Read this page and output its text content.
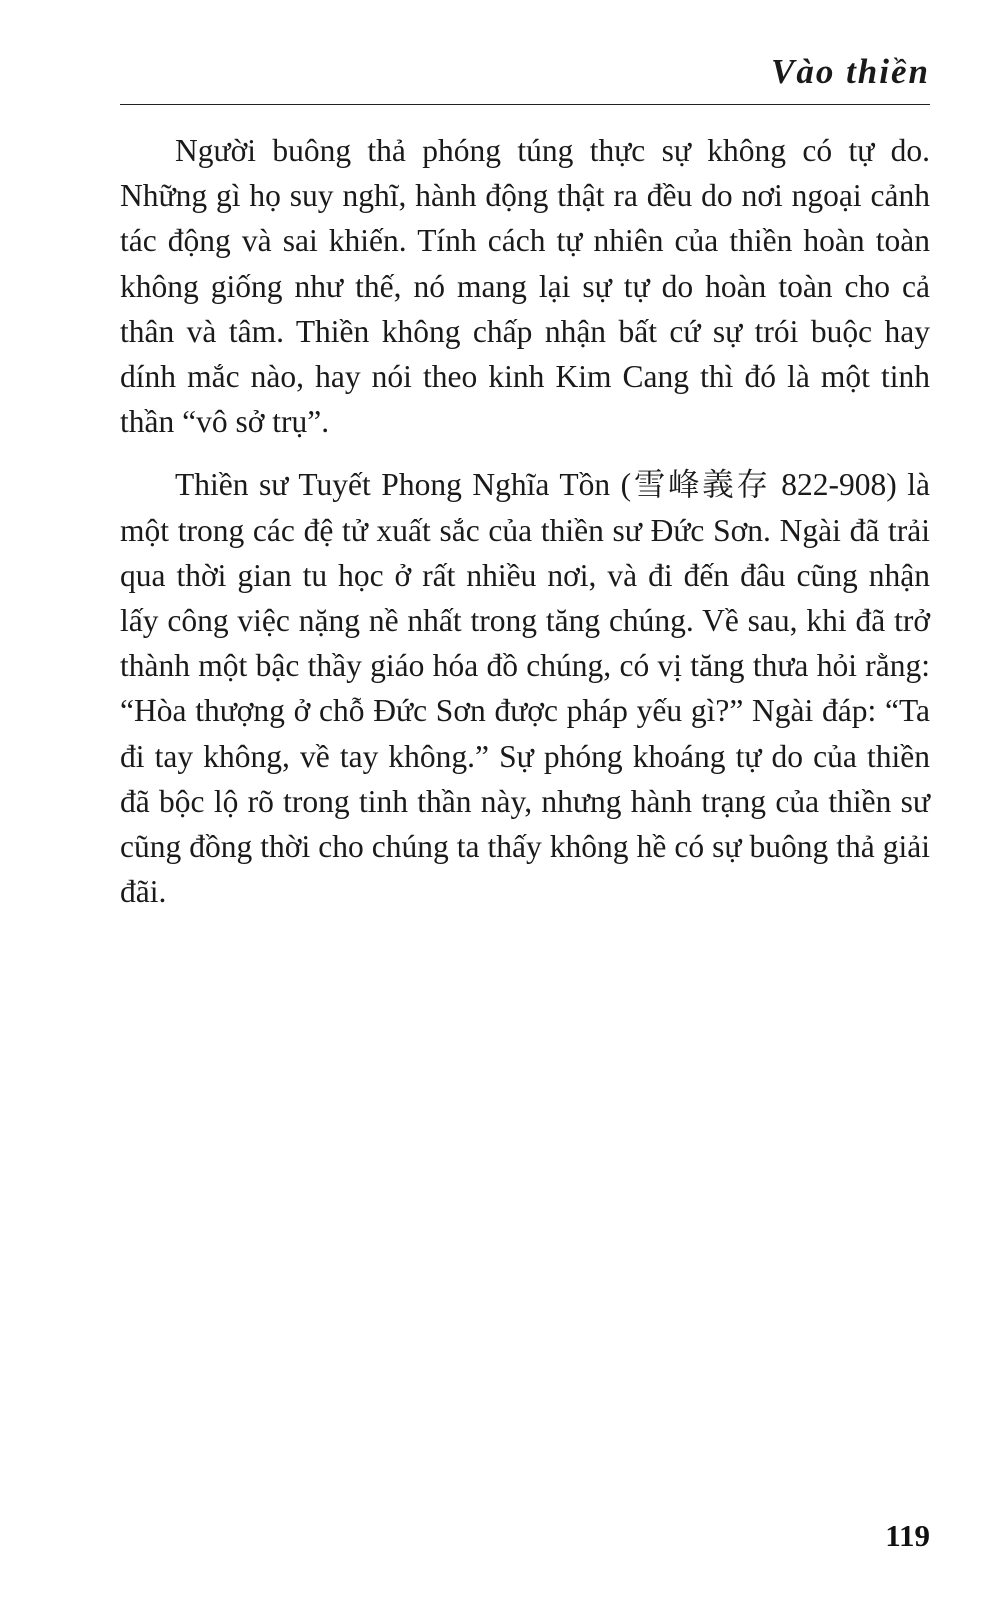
Vào thiền

Người buông thả phóng túng thực sự không có tự do. Những gì họ suy nghĩ, hành động thật ra đều do nơi ngoại cảnh tác động và sai khiến. Tính cách tự nhiên của thiền hoàn toàn không giống như thế, nó mang lại sự tự do hoàn toàn cho cả thân và tâm. Thiền không chấp nhận bất cứ sự trói buộc hay dính mắc nào, hay nói theo kinh Kim Cang thì đó là một tinh thần “vô sở trụ”.

Thiền sư Tuyết Phong Nghĩa Tồn (雪峰義存 822-908) là một trong các đệ tử xuất sắc của thiền sư Đức Sơn. Ngài đã trải qua thời gian tu học ở rất nhiều nơi, và đi đến đâu cũng nhận lấy công việc nặng nề nhất trong tăng chúng. Về sau, khi đã trở thành một bậc thầy giáo hóa đồ chúng, có vị tăng thưa hỏi rằng: “Hòa thượng ở chỗ Đức Sơn được pháp yếu gì?” Ngài đáp: “Ta đi tay không, về tay không.” Sự phóng khoáng tự do của thiền đã bộc lộ rõ trong tinh thần này, nhưng hành trạng của thiền sư cũng đồng thời cho chúng ta thấy không hề có sự buông thả giải đãi.

119
